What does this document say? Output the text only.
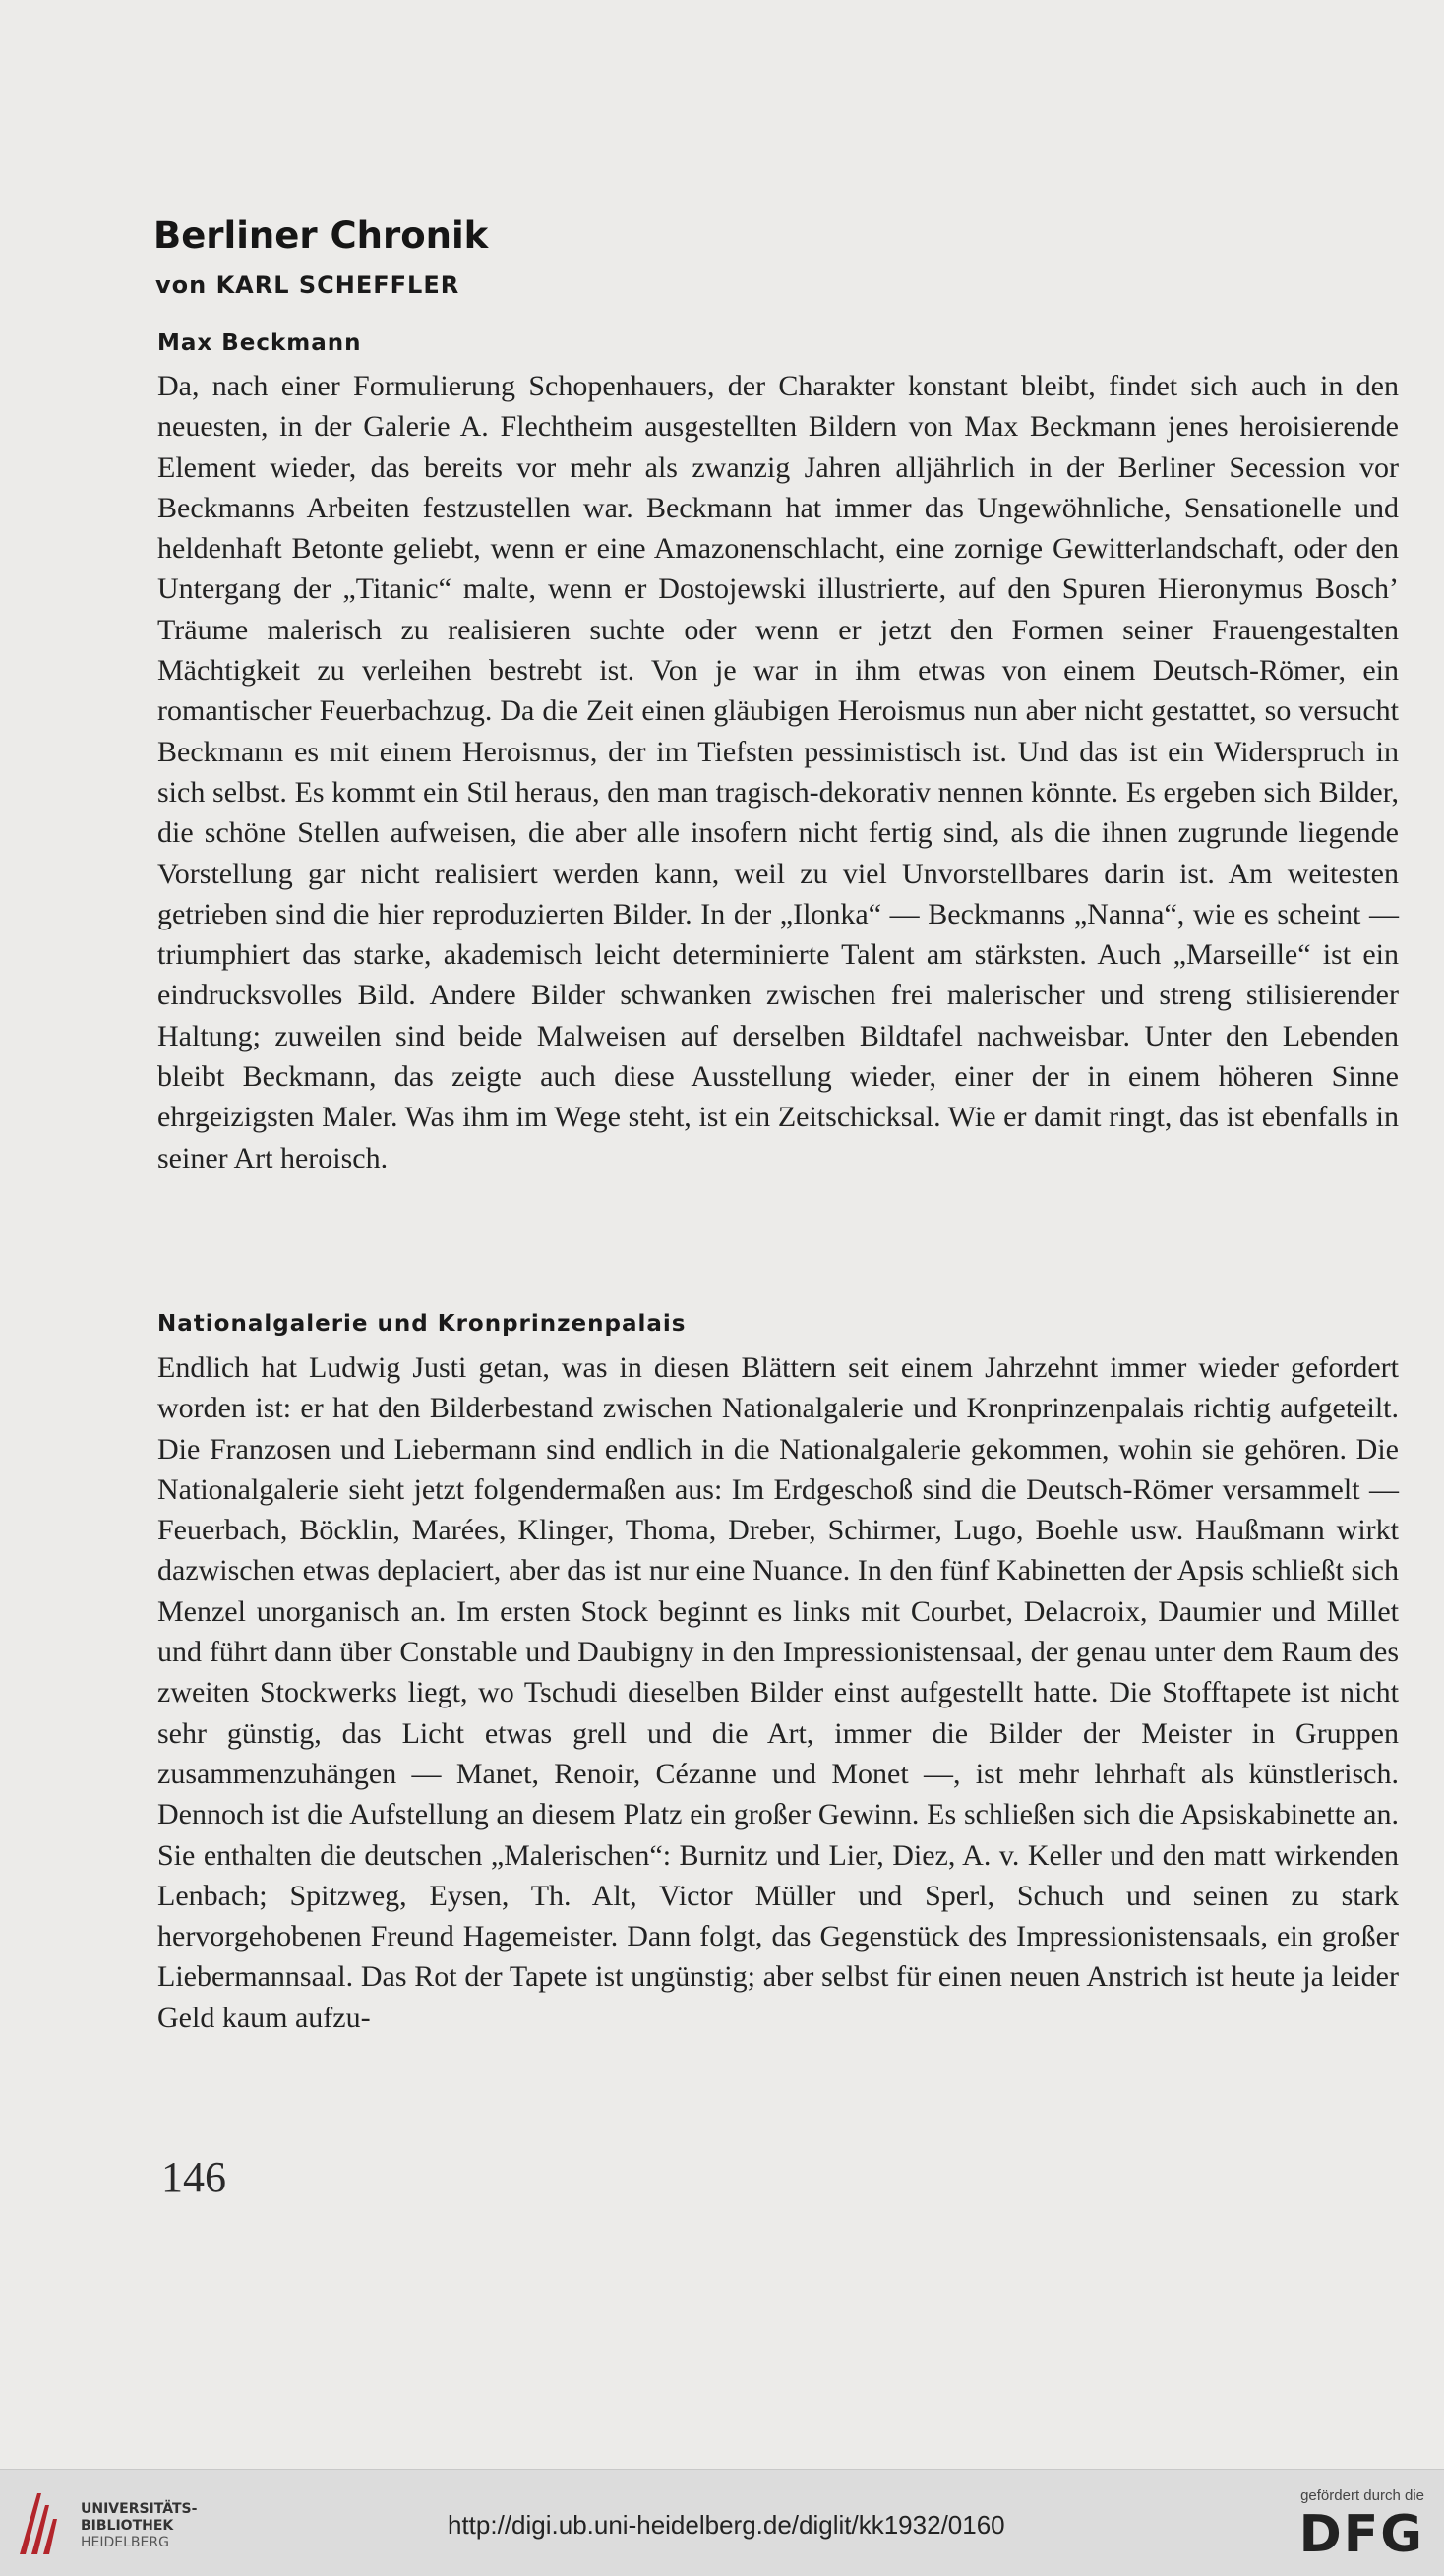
Berliner Chronik

von KARL SCHEFFLER

Max Beckmann

Da, nach einer Formulierung Schopenhauers, der Charakter konstant bleibt, findet sich auch in den neuesten, in der Galerie A. Flechtheim ausgestellten Bildern von Max Beckmann jenes heroisierende Element wieder, das bereits vor mehr als zwanzig Jahren alljährlich in der Berliner Secession vor Beckmanns Arbeiten festzustellen war. Beckmann hat immer das Ungewöhnliche, Sensationelle und heldenhaft Betonte geliebt, wenn er eine Amazonenschlacht, eine zornige Gewitterlandschaft, oder den Untergang der „Titanic“ malte, wenn er Dostojewski illustrierte, auf den Spuren Hieronymus Bosch’ Träume malerisch zu realisieren suchte oder wenn er jetzt den Formen seiner Frauengestalten Mächtigkeit zu verleihen bestrebt ist. Von je war in ihm etwas von einem Deutsch-Römer, ein romantischer Feuerbachzug. Da die Zeit einen gläubigen Heroismus nun aber nicht gestattet, so versucht Beckmann es mit einem Heroismus, der im Tiefsten pessimistisch ist. Und das ist ein Widerspruch in sich selbst. Es kommt ein Stil heraus, den man tragisch-dekorativ nennen könnte. Es ergeben sich Bilder, die schöne Stellen aufweisen, die aber alle insofern nicht fertig sind, als die ihnen zugrunde liegende Vorstellung gar nicht realisiert werden kann, weil zu viel Unvorstellbares darin ist. Am weitesten getrieben sind die hier reproduzierten Bilder. In der „Ilonka“ — Beckmanns „Nanna“, wie es scheint — triumphiert das starke, akademisch leicht determinierte Talent am stärksten. Auch „Marseille“ ist ein eindrucksvolles Bild. Andere Bilder schwanken zwischen frei malerischer und streng stilisierender Haltung; zuweilen sind beide Malweisen auf derselben Bildtafel nachweisbar. Unter den Lebenden bleibt Beckmann, das zeigte auch diese Ausstellung wieder, einer der in einem höheren Sinne ehrgeizigsten Maler. Was ihm im Wege steht, ist ein Zeitschicksal. Wie er damit ringt, das ist ebenfalls in seiner Art heroisch.

Nationalgalerie und Kronprinzenpalais

Endlich hat Ludwig Justi getan, was in diesen Blättern seit einem Jahrzehnt immer wieder gefordert worden ist: er hat den Bilderbestand zwischen Nationalgalerie und Kronprinzenpalais richtig aufgeteilt. Die Franzosen und Liebermann sind endlich in die Nationalgalerie gekommen, wohin sie gehören. Die Nationalgalerie sieht jetzt folgendermaßen aus: Im Erdgeschoß sind die Deutsch-Römer versammelt — Feuerbach, Böcklin, Marées, Klinger, Thoma, Dreber, Schirmer, Lugo, Boehle usw. Haußmann wirkt dazwischen etwas deplaciert, aber das ist nur eine Nuance. In den fünf Kabinetten der Apsis schließt sich Menzel unorganisch an. Im ersten Stock beginnt es links mit Courbet, Delacroix, Daumier und Millet und führt dann über Constable und Daubigny in den Impressionistensaal, der genau unter dem Raum des zweiten Stockwerks liegt, wo Tschudi dieselben Bilder einst aufgestellt hatte. Die Stofftapete ist nicht sehr günstig, das Licht etwas grell und die Art, immer die Bilder der Meister in Gruppen zusammenzuhängen — Manet, Renoir, Cézanne und Monet —, ist mehr lehrhaft als künstlerisch. Dennoch ist die Aufstellung an diesem Platz ein großer Gewinn. Es schließen sich die Apsiskabinette an. Sie enthalten die deutschen „Malerischen“: Burnitz und Lier, Diez, A. v. Keller und den matt wirkenden Lenbach; Spitzweg, Eysen, Th. Alt, Victor Müller und Sperl, Schuch und seinen zu stark hervorgehobenen Freund Hagemeister. Dann folgt, das Gegenstück des Impressionistensaals, ein großer Liebermannsaal. Das Rot der Tapete ist ungünstig; aber selbst für einen neuen Anstrich ist heute ja leider Geld kaum aufzu-

146

UNIVERSITÄTS-
BIBLIOTHEK
HEIDELBERG
http://digi.ub.uni-heidelberg.de/diglit/kk1932/0160
gefördert durch die
DFG
